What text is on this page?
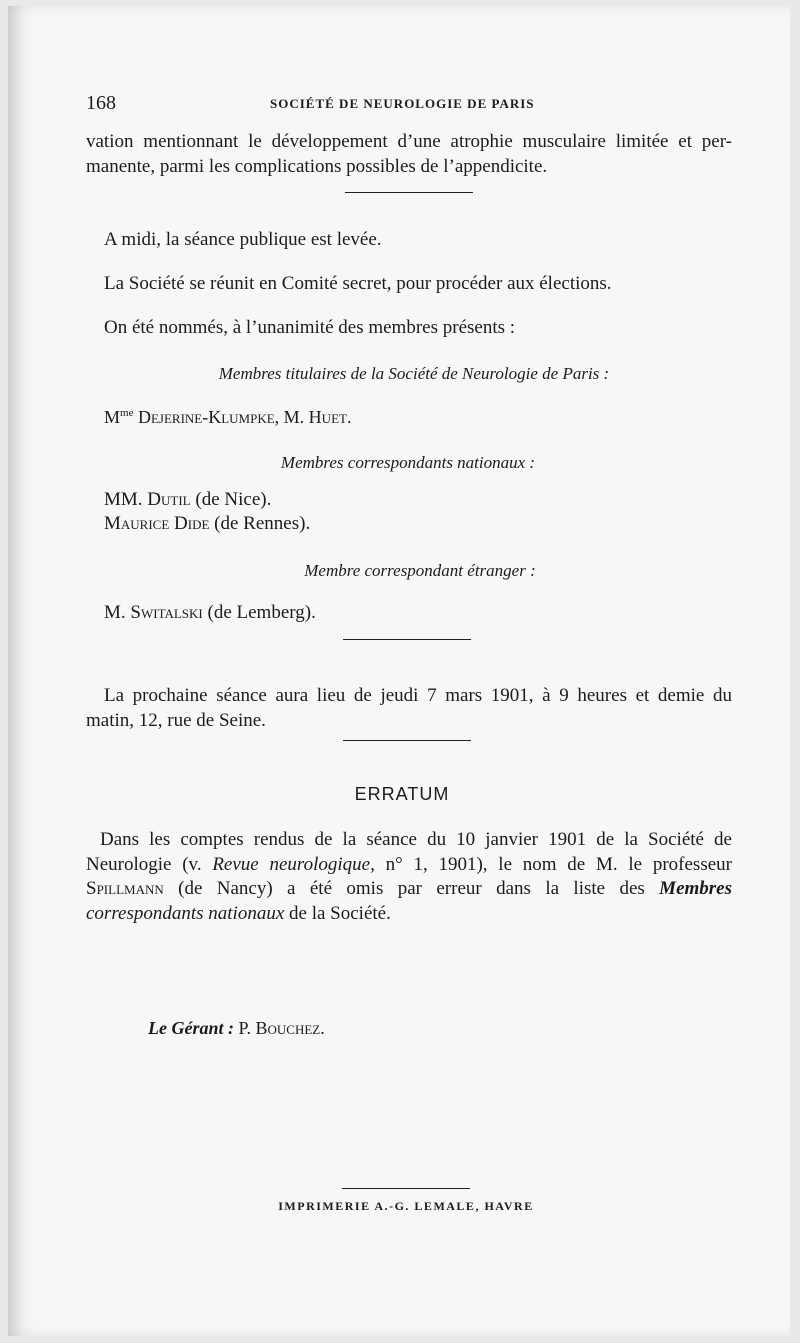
168	SOCIÉTÉ DE NEUROLOGIE DE PARIS
vation mentionnant le développement d’une atrophie musculaire limitée et per-
manente, parmi les complications possibles de l’appendicite.
A midi, la séance publique est levée.
La Société se réunit en Comité secret, pour procéder aux élections.
On été nommés, à l’unanimité des membres présents :
Membres titulaires de la Société de Neurologie de Paris :
$M^{me}$ Dejerine-Klumpke, M. Huet.
Membres correspondants nationaux :
MM. Dutil (de Nice).
Maurice Dide (de Rennes).
Membre correspondant étranger :
M. Switalski (de Lemberg).
La prochaine séance aura lieu de jeudi 7 mars 1901, à 9 heures et demie du
matin, 12, rue de Seine.
ERRATUM
Dans les comptes rendus de la séance du 10 janvier 1901 de la Société de
Neurologie (v. Revue neurologique, n° 1, 1901), le nom de M. le professeur
Spillmann (de Nancy) a été omis par erreur dans la liste des Membres
correspondants nationaux de la Société.
Le Gérant : P. Bouchez.
IMPRIMERIE A.-G. LEMALE, HAVRE
